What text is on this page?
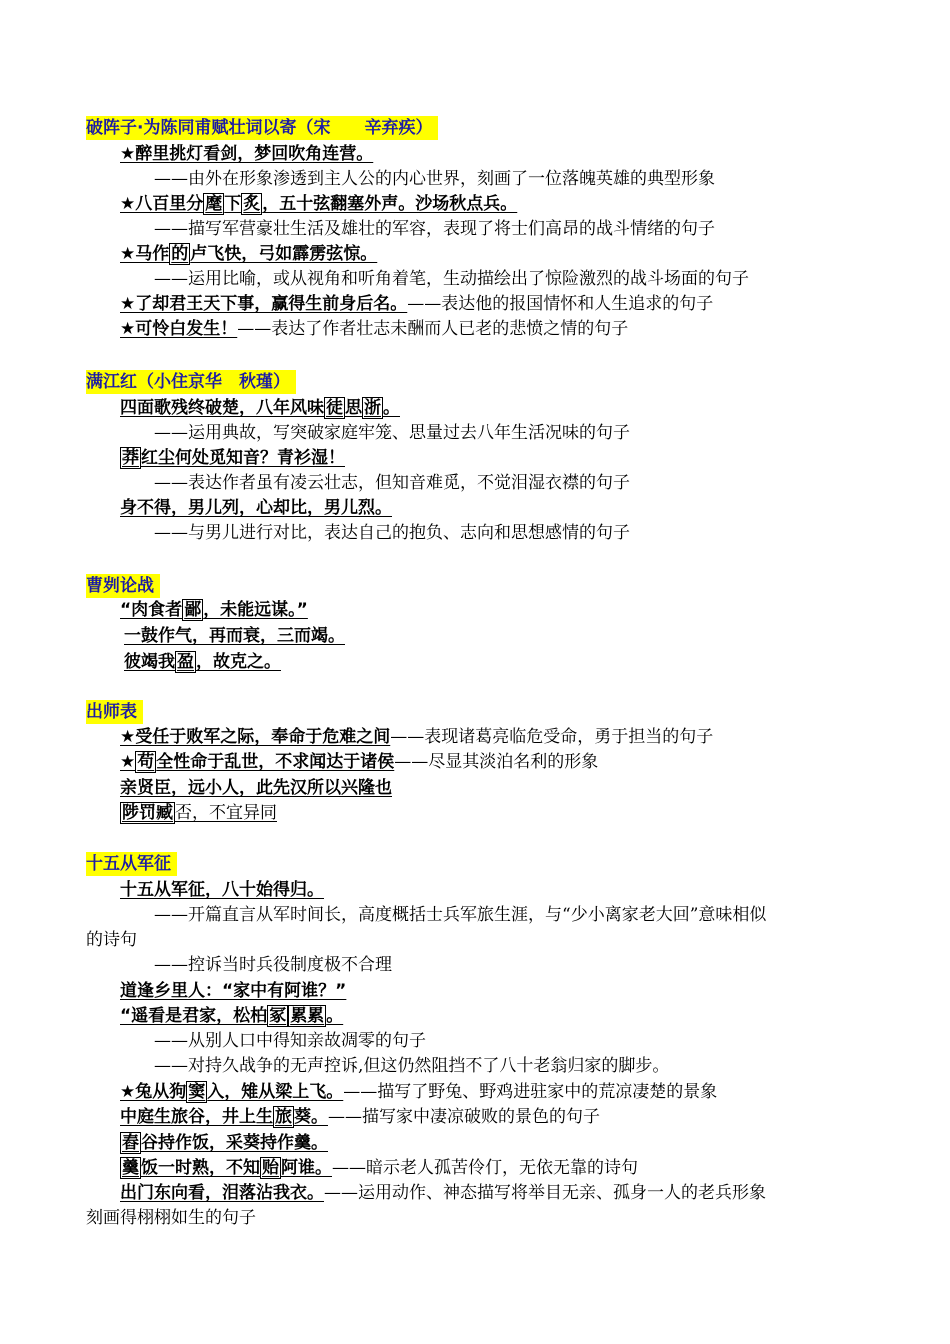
破阵子·为陈同甫赋壮词以寄（宋　　辛弃疾）
★醉里挑灯看剑，梦回吹角连营。
——由外在形象渗透到主人公的内心世界，刻画了一位落魄英雄的典型形象
★八百里分 麾 下 炙 ，五十弦翻塞外声。沙场秋点兵。
——描写军营豪壮生活及雄壮的军容，表现了将士们高昂的战斗情绪的句子
★马作 的 卢飞快，弓如霹雳弦惊。
——运用比喻，或从视角和听角着笔，生动描绘出了惊险激烈的战斗场面的句子
★了却君王天下事，赢得生前身后名。——表达他的报国情怀和人生追求的句子
★可怜白发生！——表达了作者壮志未酬而人已老的悲愤之情的句子
满江红（小住京华　秋瑾）
四面歌残终破楚，八年风味 徒 思 浙 。
——运用典故，写突破家庭牢笼、思量过去八年生活况味的句子
莽 红尘何处觅知音？青衫湿！
——表达作者虽有凌云壮志，但知音难觅，不觉泪湿衣襟的句子
身不得，男儿列，心却比，男儿烈。
——与男儿进行对比，表达自己的抱负、志向和思想感情的句子
曹刿论战
“肉食者 鄙 ，未能远谋。”
一鼓作气，再而衰，三而竭。
彼竭我 盈 ，故克之。
出师表
★受任于败军之际，奉命于危难之间——表现诸葛亮临危受命，勇于担当的句子
★ 苟 全性命于乱世，不求闻达于诸侯——尽显其淡泊名利的形象
亲贤臣，远小人，此先汉所以兴隆也
陟罚臧 否，不宜异同
十五从军征
十五从军征，八十始得归。
——开篇直言从军时间长，高度概括士兵军旅生涯，与“少小离家老大回”意味相似
的诗句
——控诉当时兵役制度极不合理
道逢乡里人：“家中有阿谁？”
“遥看是君家，松柏 冢 累累 。
——从别人口中得知亲故凋零的句子
——对持久战争的无声控诉,但这仍然阻挡不了八十老翁归家的脚步。
★兔从狗 窦 入，雉从梁上飞。——描写了野兔、野鸡进驻家中的荒凉凄楚的景象
中庭生旅谷，井上生 旅 葵。——描写家中凄凉破败的景色的句子
舂 谷持作饭，采葵持作羹。
羹 饭一时熟，不知 贻 阿谁。——暗示老人孤苦伶仃，无依无靠的诗句
出门东向看，泪落沾我衣。——运用动作、神态描写将举目无亲、孤身一人的老兵形象
刻画得栩栩如生的句子
